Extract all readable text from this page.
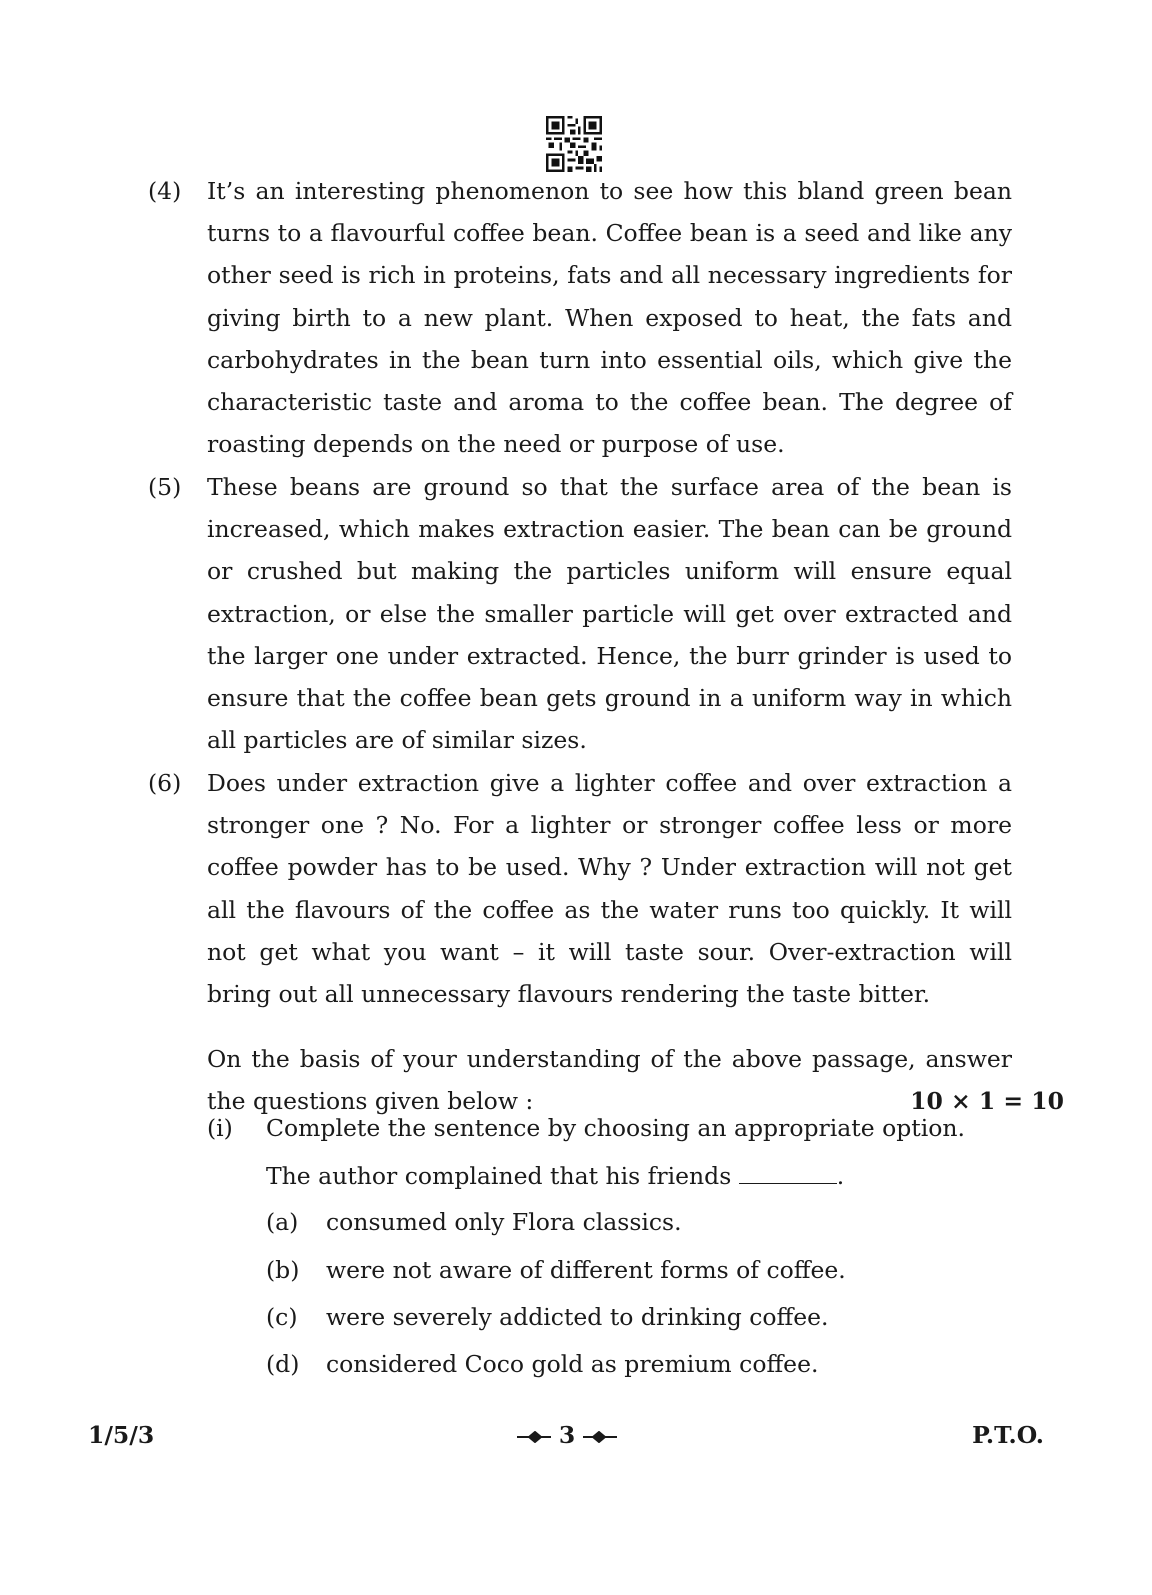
(4) It’s an interesting phenomenon to see how this bland green bean turns to a flavourful coffee bean. Coffee bean is a seed and like any other seed is rich in proteins, fats and all necessary ingredients for giving birth to a new plant. When exposed to heat, the fats and carbohydrates in the bean turn into essential oils, which give the characteristic taste and aroma to the coffee bean. The degree of roasting depends on the need or purpose of use.
(5) These beans are ground so that the surface area of the bean is increased, which makes extraction easier. The bean can be ground or crushed but making the particles uniform will ensure equal extraction, or else the smaller particle will get over extracted and the larger one under extracted. Hence, the burr grinder is used to ensure that the coffee bean gets ground in a uniform way in which all particles are of similar sizes.
(6) Does under extraction give a lighter coffee and over extraction a stronger one ? No. For a lighter or stronger coffee less or more coffee powder has to be used. Why ? Under extraction will not get all the flavours of the coffee as the water runs too quickly. It will not get what you want – it will taste sour. Over-extraction will bring out all unnecessary flavours rendering the taste bitter.
On the basis of your understanding of the above passage, answer the questions given below :	10 × 1 = 10
(i) Complete the sentence by choosing an appropriate option.
The author complained that his friends	.
(a) consumed only Flora classics.
(b) were not aware of different forms of coffee.
(c) were severely addicted to drinking coffee.
(d) considered Coco gold as premium coffee.
1/5/3	3	P.T.O.
